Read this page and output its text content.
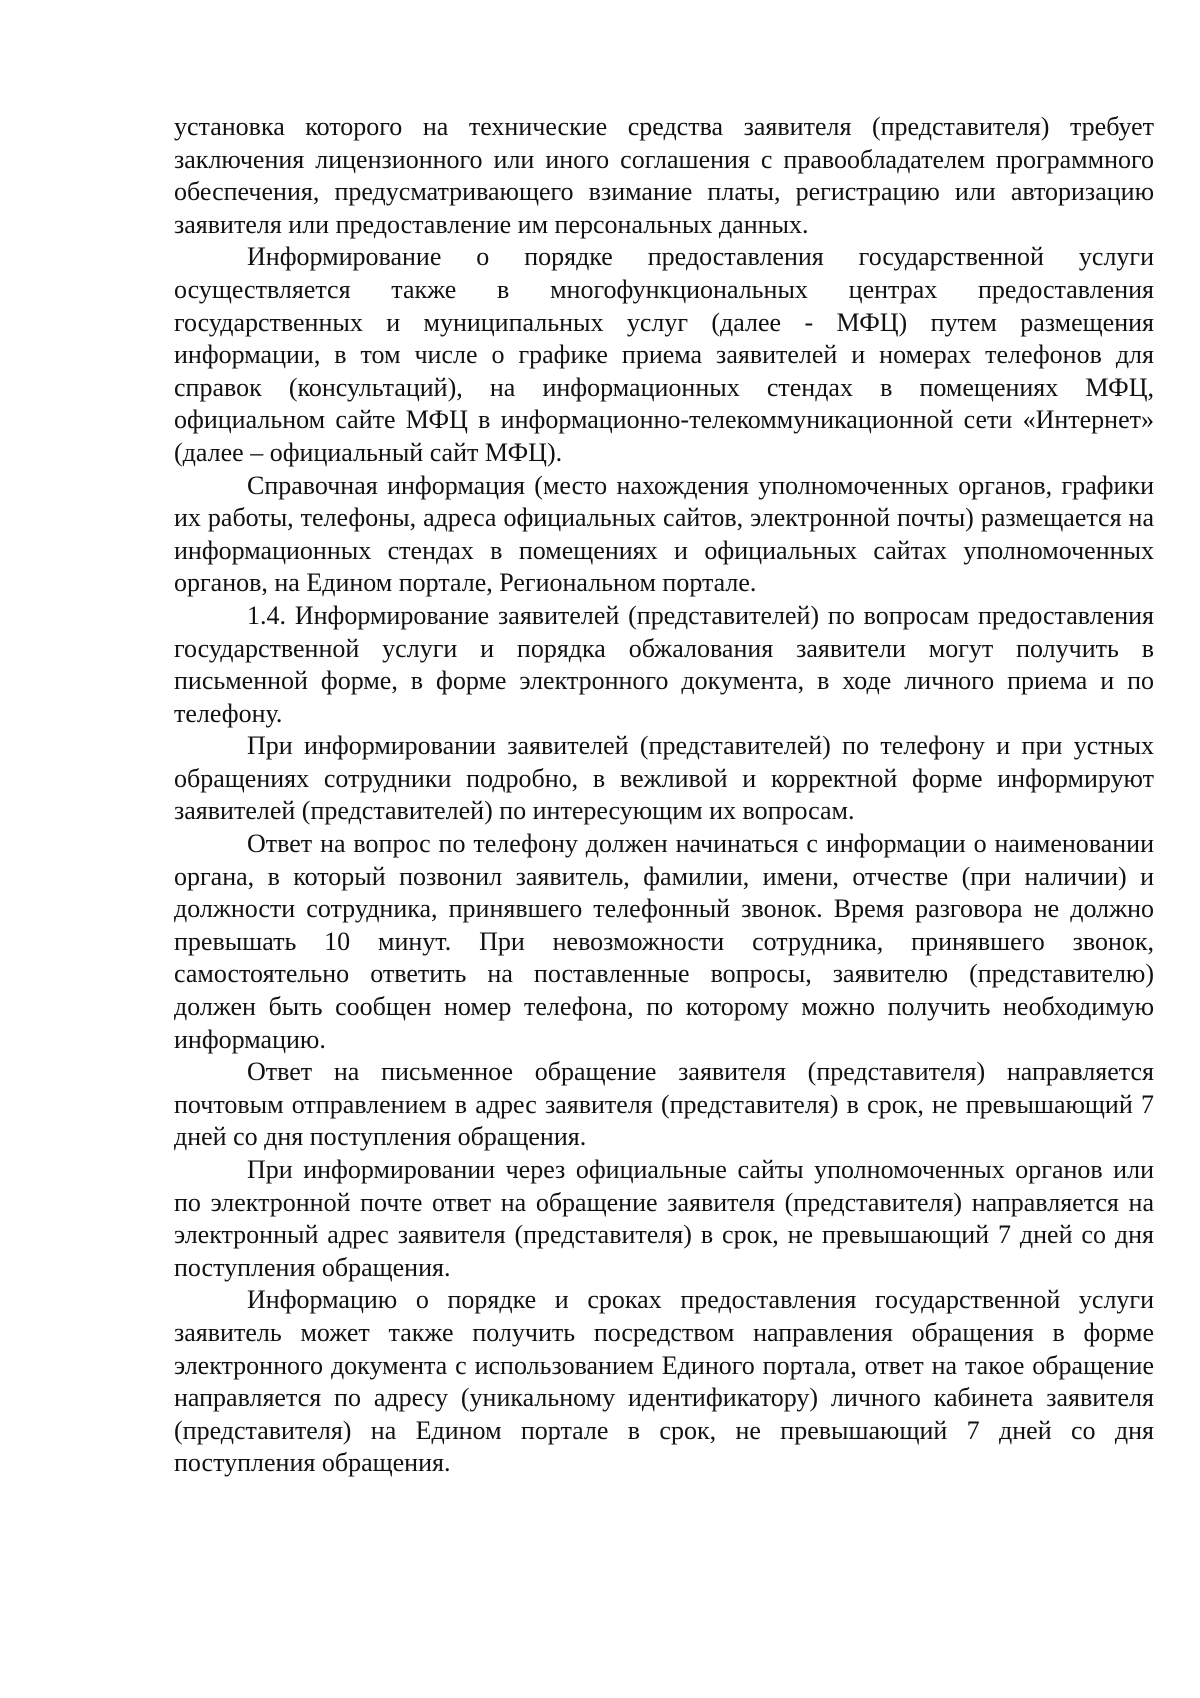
установка которого на технические средства заявителя (представителя) требует заключения лицензионного или иного соглашения с правообладателем программного обеспечения, предусматривающего взимание платы, регистрацию или авторизацию заявителя или предоставление им персональных данных.

Информирование о порядке предоставления государственной услуги осуществляется также в многофункциональных центрах предоставления государственных и муниципальных услуг (далее - МФЦ) путем размещения информации, в том числе о графике приема заявителей и номерах телефонов для справок (консультаций), на информационных стендах в помещениях МФЦ, официальном сайте МФЦ в информационно-телекоммуникационной сети «Интернет» (далее – официальный сайт МФЦ).

Справочная информация (место нахождения уполномоченных органов, графики их работы, телефоны, адреса официальных сайтов, электронной почты) размещается на информационных стендах в помещениях и официальных сайтах уполномоченных органов, на Едином портале, Региональном портале.

1.4. Информирование заявителей (представителей) по вопросам предоставления государственной услуги и порядка обжалования заявители могут получить в письменной форме, в форме электронного документа, в ходе личного приема и по телефону.

При информировании заявителей (представителей) по телефону и при устных обращениях сотрудники подробно, в вежливой и корректной форме информируют заявителей (представителей) по интересующим их вопросам.

Ответ на вопрос по телефону должен начинаться с информации о наименовании органа, в который позвонил заявитель, фамилии, имени, отчестве (при наличии) и должности сотрудника, принявшего телефонный звонок. Время разговора не должно превышать 10 минут. При невозможности сотрудника, принявшего звонок, самостоятельно ответить на поставленные вопросы, заявителю (представителю) должен быть сообщен номер телефона, по которому можно получить необходимую информацию.

Ответ на письменное обращение заявителя (представителя) направляется почтовым отправлением в адрес заявителя (представителя) в срок, не превышающий 7 дней со дня поступления обращения.

При информировании через официальные сайты уполномоченных органов или по электронной почте ответ на обращение заявителя (представителя) направляется на электронный адрес заявителя (представителя) в срок, не превышающий 7 дней со дня поступления обращения.

Информацию о порядке и сроках предоставления государственной услуги заявитель может также получить посредством направления обращения в форме электронного документа с использованием Единого портала, ответ на такое обращение направляется по адресу (уникальному идентификатору) личного кабинета заявителя (представителя) на Едином портале в срок, не превышающий 7 дней со дня поступления обращения.
